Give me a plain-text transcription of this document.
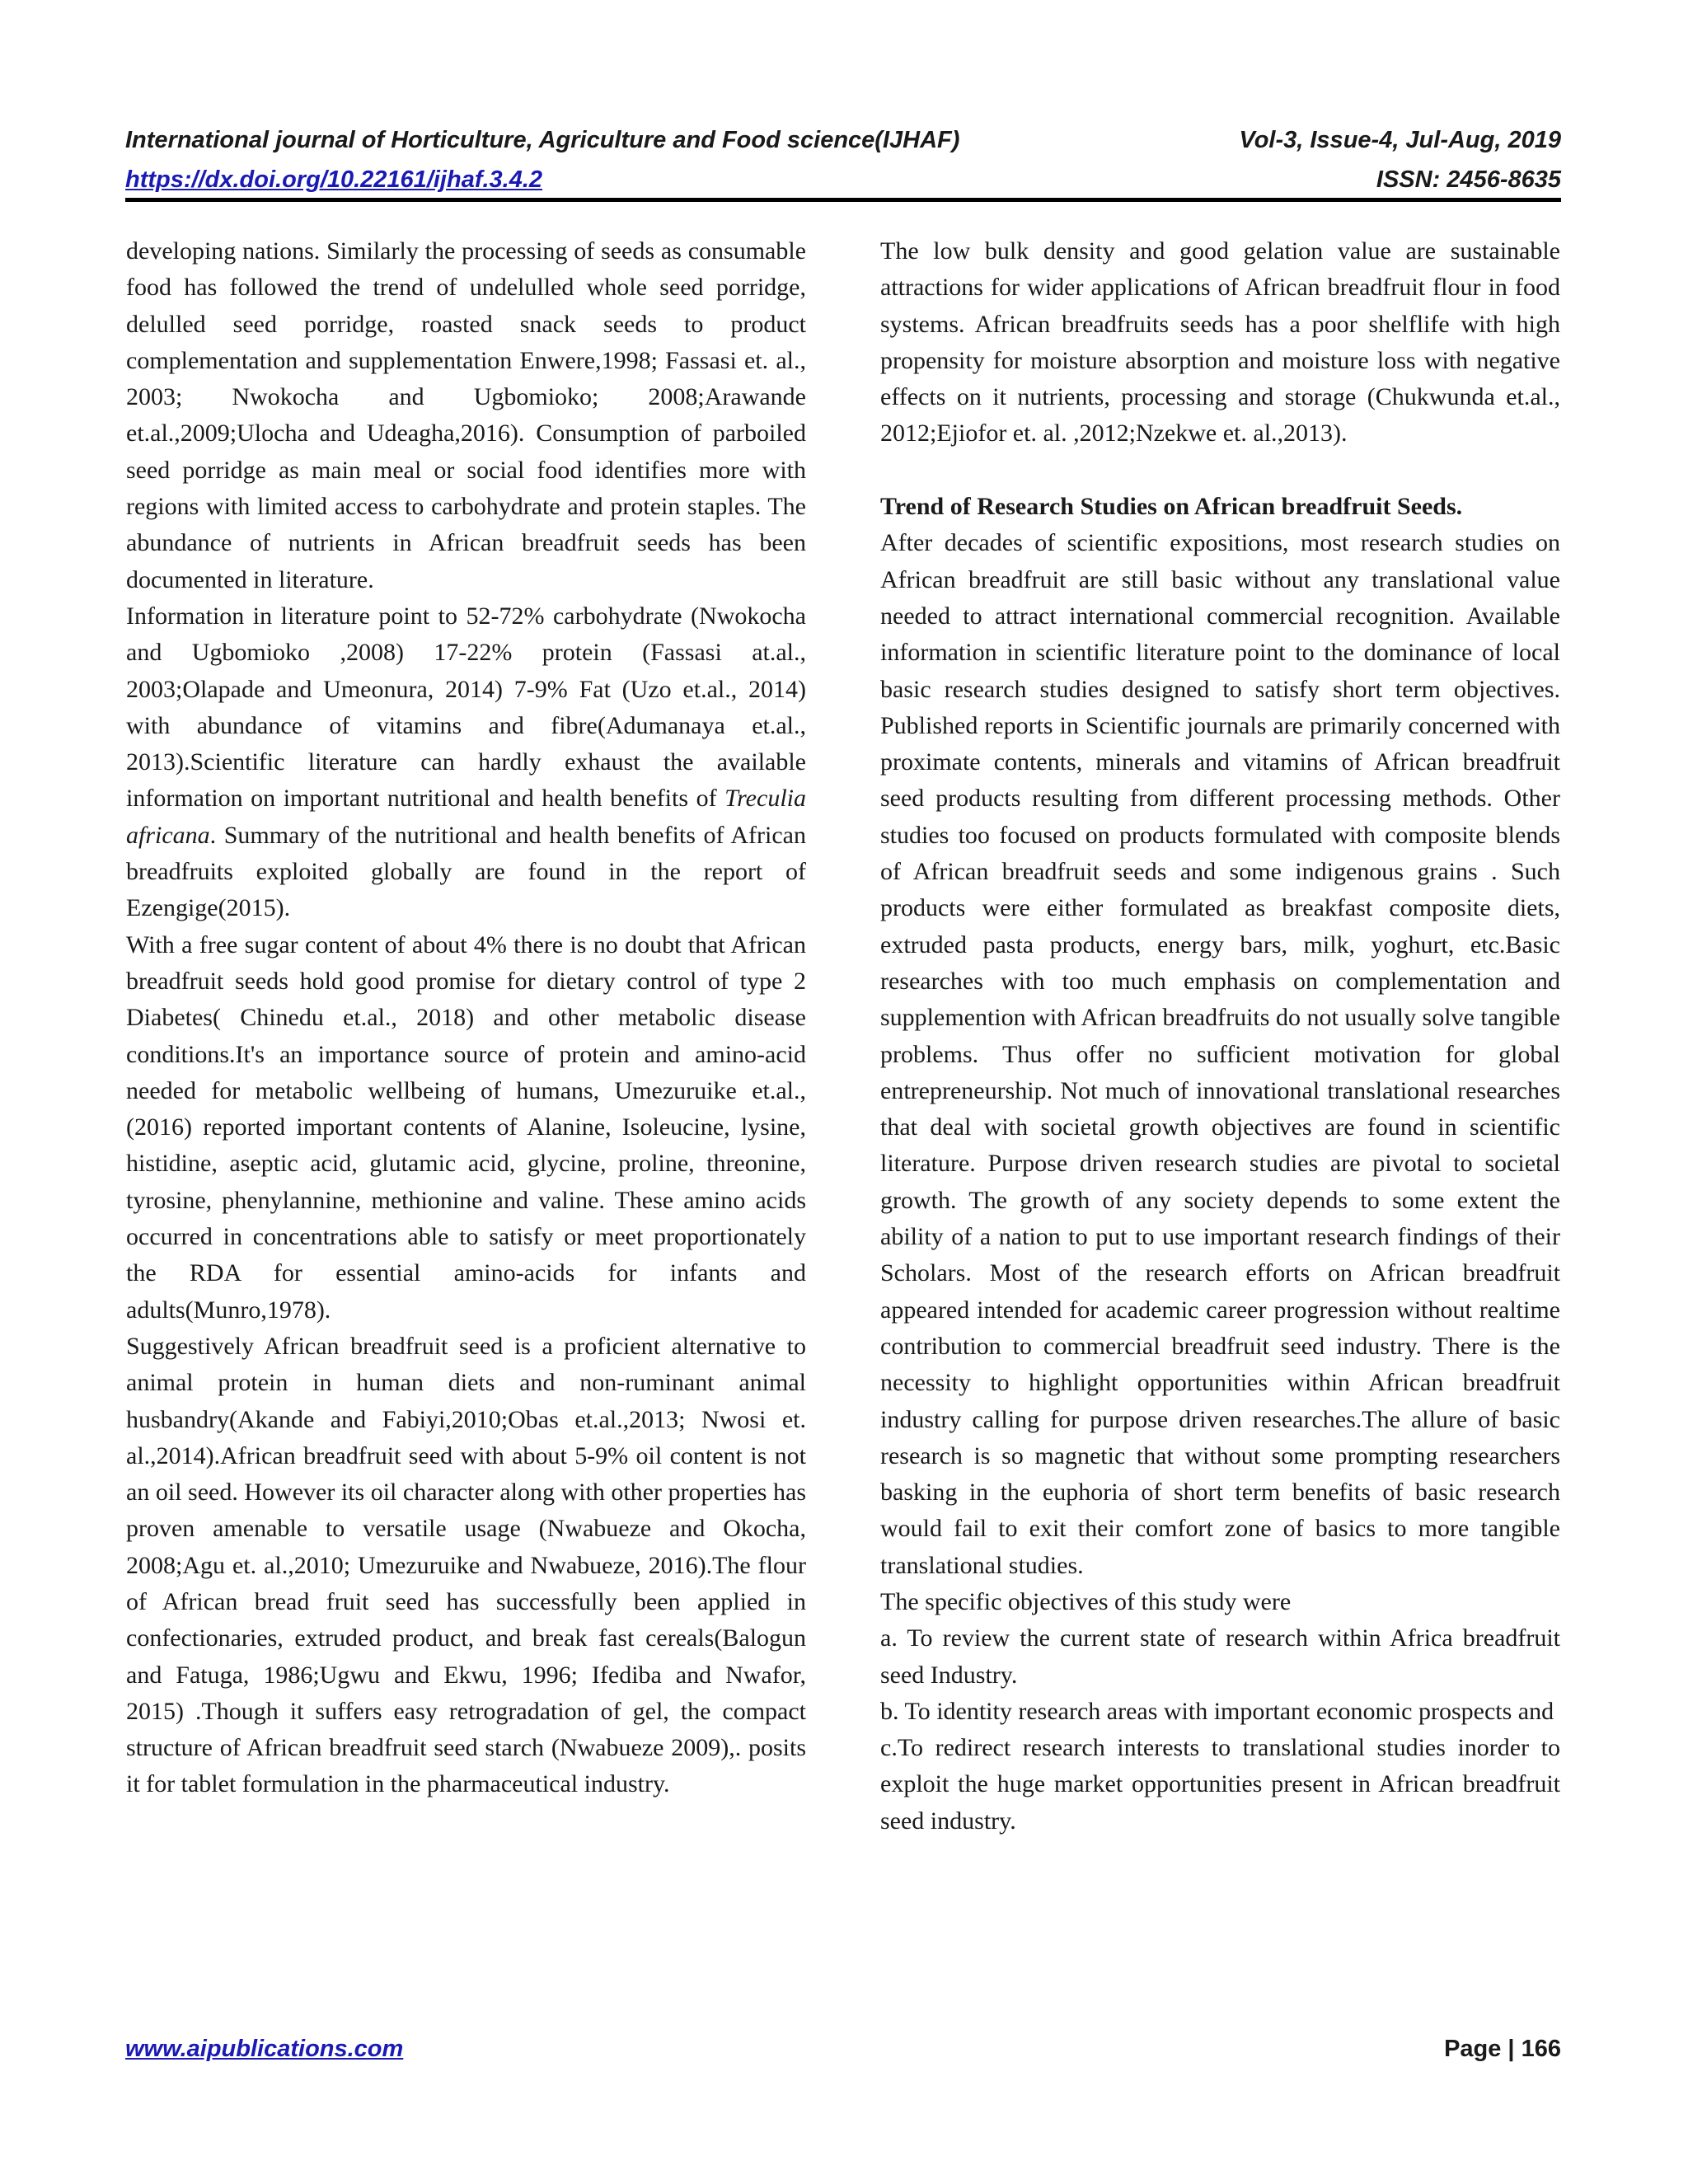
International journal of Horticulture, Agriculture and Food science(IJHAF)	Vol-3, Issue-4, Jul-Aug, 2019
https://dx.doi.org/10.22161/ijhaf.3.4.2	ISSN: 2456-8635

developing nations. Similarly the processing of seeds as consumable food has followed the trend of undelulled whole seed porridge, delulled seed porridge, roasted snack seeds to product complementation and supplementation Enwere,1998; Fassasi et. al., 2003; Nwokocha and Ugbomioko; 2008;Arawande et.al.,2009;Ulocha and Udeagha,2016). Consumption of parboiled seed porridge as main meal or social food identifies more with regions with limited access to carbohydrate and protein staples. The abundance of nutrients in African breadfruit seeds has been documented in literature.

Information in literature point to 52-72% carbohydrate (Nwokocha and Ugbomioko ,2008) 17-22% protein (Fassasi at.al., 2003;Olapade and Umeonura, 2014) 7-9% Fat (Uzo et.al., 2014) with abundance of vitamins and fibre(Adumanaya et.al., 2013).Scientific literature can hardly exhaust the available information on important nutritional and health benefits of Treculia africana. Summary of the nutritional and health benefits of African breadfruits exploited globally are found in the report of Ezengige(2015).

With a free sugar content of about 4% there is no doubt that African breadfruit seeds hold good promise for dietary control of type 2 Diabetes( Chinedu et.al., 2018) and other metabolic disease conditions.It's an importance source of protein and amino-acid needed for metabolic wellbeing of humans, Umezuruike et.al.,(2016) reported important contents of Alanine, Isoleucine, lysine, histidine, aseptic acid, glutamic acid, glycine, proline, threonine, tyrosine, phenylannine, methionine and valine. These amino acids occurred in concentrations able to satisfy or meet proportionately the RDA for essential amino-acids for infants and adults(Munro,1978).

Suggestively African breadfruit seed is a proficient alternative to animal protein in human diets and non-ruminant animal husbandry(Akande and Fabiyi,2010;Obas et.al.,2013; Nwosi et. al.,2014).African breadfruit seed with about 5-9% oil content is not an oil seed. However its oil character along with other properties has proven amenable to versatile usage (Nwabueze and Okocha, 2008;Agu et. al.,2010; Umezuruike and Nwabueze, 2016).The flour of African bread fruit seed has successfully been applied in confectionaries, extruded product, and break fast cereals(Balogun and Fatuga, 1986;Ugwu and Ekwu, 1996; Ifediba and Nwafor, 2015) .Though it suffers easy retrogradation of gel, the compact structure of African breadfruit seed starch (Nwabueze 2009),. posits it for tablet formulation in the pharmaceutical industry.

The low bulk density and good gelation value are sustainable attractions for wider applications of African breadfruit flour in food systems. African breadfruits seeds has a poor shelflife with high propensity for moisture absorption and moisture loss with negative effects on it nutrients, processing and storage (Chukwunda et.al., 2012;Ejiofor et. al. ,2012;Nzekwe et. al.,2013).

Trend of Research Studies on African breadfruit Seeds.

After decades of scientific expositions, most research studies on African breadfruit are still basic without any translational value needed to attract international commercial recognition. Available information in scientific literature point to the dominance of local basic research studies designed to satisfy short term objectives. Published reports in Scientific journals are primarily concerned with proximate contents, minerals and vitamins of African breadfruit seed products resulting from different processing methods. Other studies too focused on products formulated with composite blends of African breadfruit seeds and some indigenous grains . Such products were either formulated as breakfast composite diets, extruded pasta products, energy bars, milk, yoghurt, etc.Basic researches with too much emphasis on complementation and supplemention with African breadfruits do not usually solve tangible problems. Thus offer no sufficient motivation for global entrepreneurship. Not much of innovational translational researches that deal with societal growth objectives are found in scientific literature. Purpose driven research studies are pivotal to societal growth. The growth of any society depends to some extent the ability of a nation to put to use important research findings of their Scholars. Most of the research efforts on African breadfruit appeared intended for academic career progression without realtime contribution to commercial breadfruit seed industry. There is the necessity to highlight opportunities within African breadfruit industry calling for purpose driven researches.The allure of basic research is so magnetic that without some prompting researchers basking in the euphoria of short term benefits of basic research would fail to exit their comfort zone of basics to more tangible translational studies.

The specific objectives of this study were

a. To review the current state of research within Africa breadfruit seed Industry.

b. To identity research areas with important economic prospects and

c.To redirect research interests to translational studies inorder to exploit the huge market opportunities present in African breadfruit seed industry.

www.aipublications.com	Page | 166
